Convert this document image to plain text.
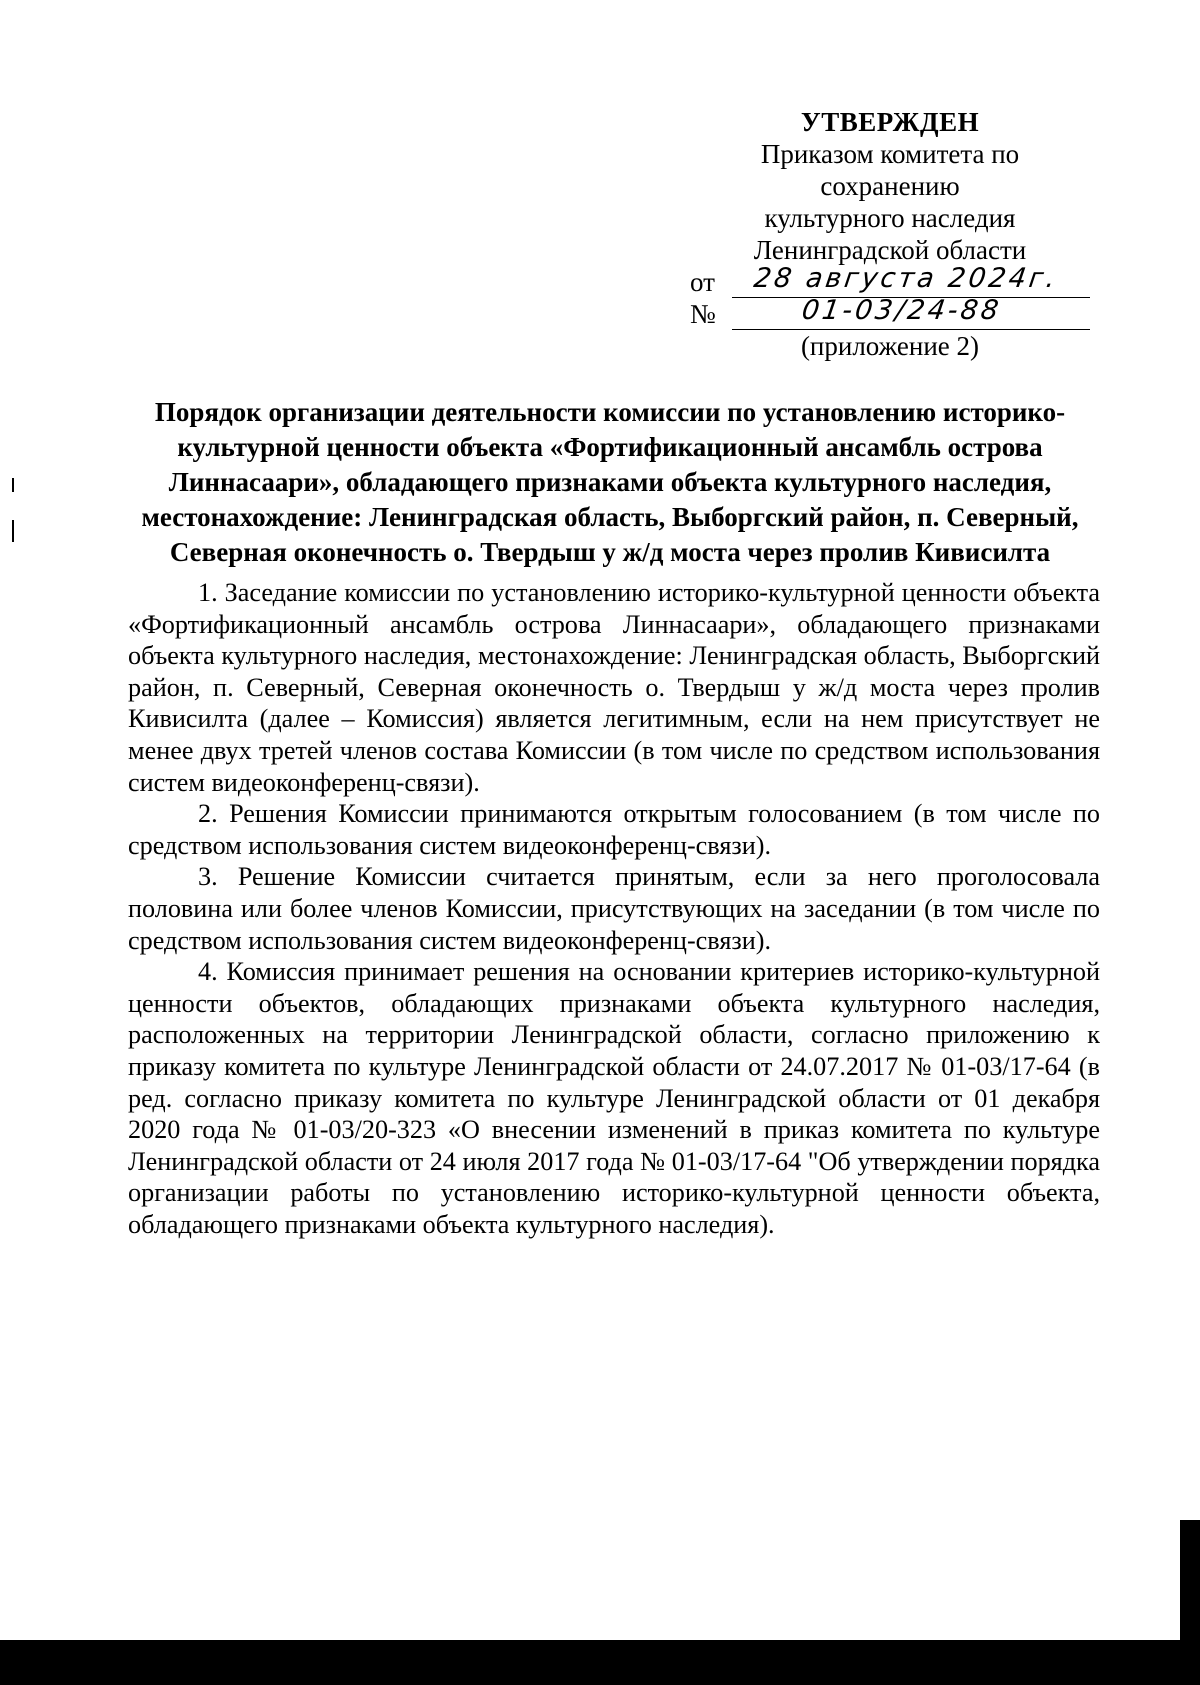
УТВЕРЖДЕН
Приказом комитета по сохранению
культурного наследия
Ленинградской области
от	28 августа 2024г.
№	01-03/24-88
(приложение 2)
Порядок организации деятельности комиссии по установлению историко-
культурной ценности объекта «Фортификационный ансамбль острова
Линнасаари», обладающего признаками объекта культурного наследия,
местонахождение: Ленинградская область, Выборгский район, п. Северный,
Северная оконечность о. Твердыш у ж/д моста через пролив Кивисилта

1. Заседание комиссии по установлению историко-культурной ценности объекта «Фортификационный ансамбль острова Линнасаари», обладающего признаками объекта культурного наследия, местонахождение: Ленинградская область, Выборгский район, п. Северный, Северная оконечность о. Твердыш у ж/д моста через пролив Кивисилта (далее – Комиссия) является легитимным, если на нем присутствует не менее двух третей членов состава Комиссии (в том числе по средством использования систем видеоконференц-связи).

2. Решения Комиссии принимаются открытым голосованием (в том числе по средством использования систем видеоконференц-связи).

3. Решение Комиссии считается принятым, если за него проголосовала половина или более членов Комиссии, присутствующих на заседании (в том числе по средством использования систем видеоконференц-связи).

4. Комиссия принимает решения на основании критериев историко-культурной ценности объектов, обладающих признаками объекта культурного наследия, расположенных на территории Ленинградской области, согласно приложению к приказу комитета по культуре Ленинградской области от 24.07.2017 № 01-03/17-64 (в ред. согласно приказу комитета по культуре Ленинградской области от 01 декабря 2020 года № 01-03/20-323 «О внесении изменений в приказ комитета по культуре Ленинградской области от 24 июля 2017 года № 01-03/17-64 "Об утверждении порядка организации работы по установлению историко-культурной ценности объекта, обладающего признаками объекта культурного наследия).
